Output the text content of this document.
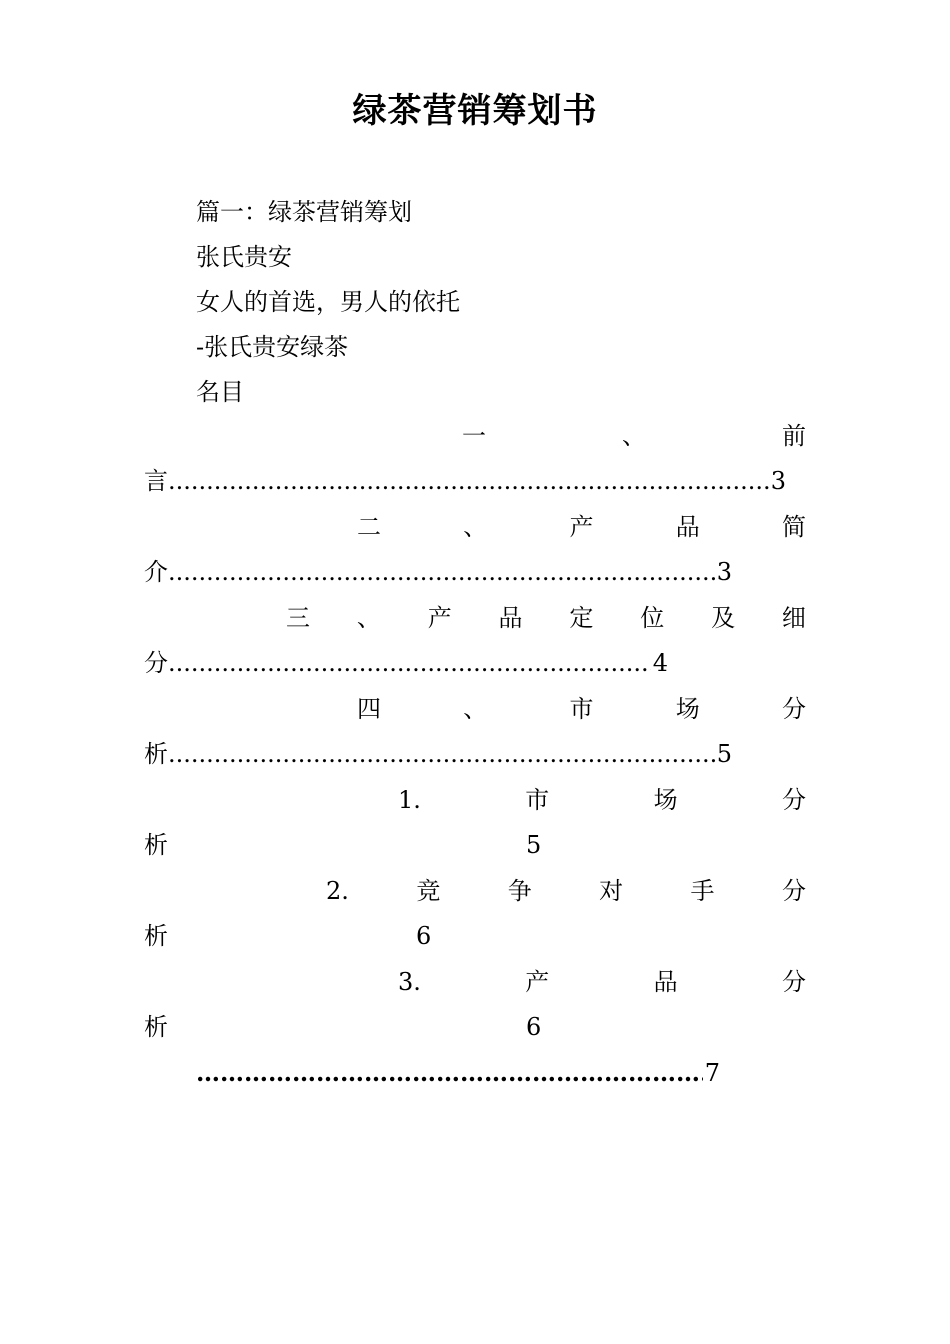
绿茶营销筹划书
篇一：绿茶营销筹划
张氏贵安
女人的首选，男人的依托
-张氏贵安绿茶
名目
一	、	前
言 .....	3
二	、	产	品	简
介 .....	3
三 、 产 品 定 位 及 细
分 .....	4
四	、	市	场	分
析 .....	5
1.	市	场	分
析	5
2.	竞	争	对	手	分
析	6
3.	产	品	分
析	6
……………………………………………………………………………………………………………………
7
